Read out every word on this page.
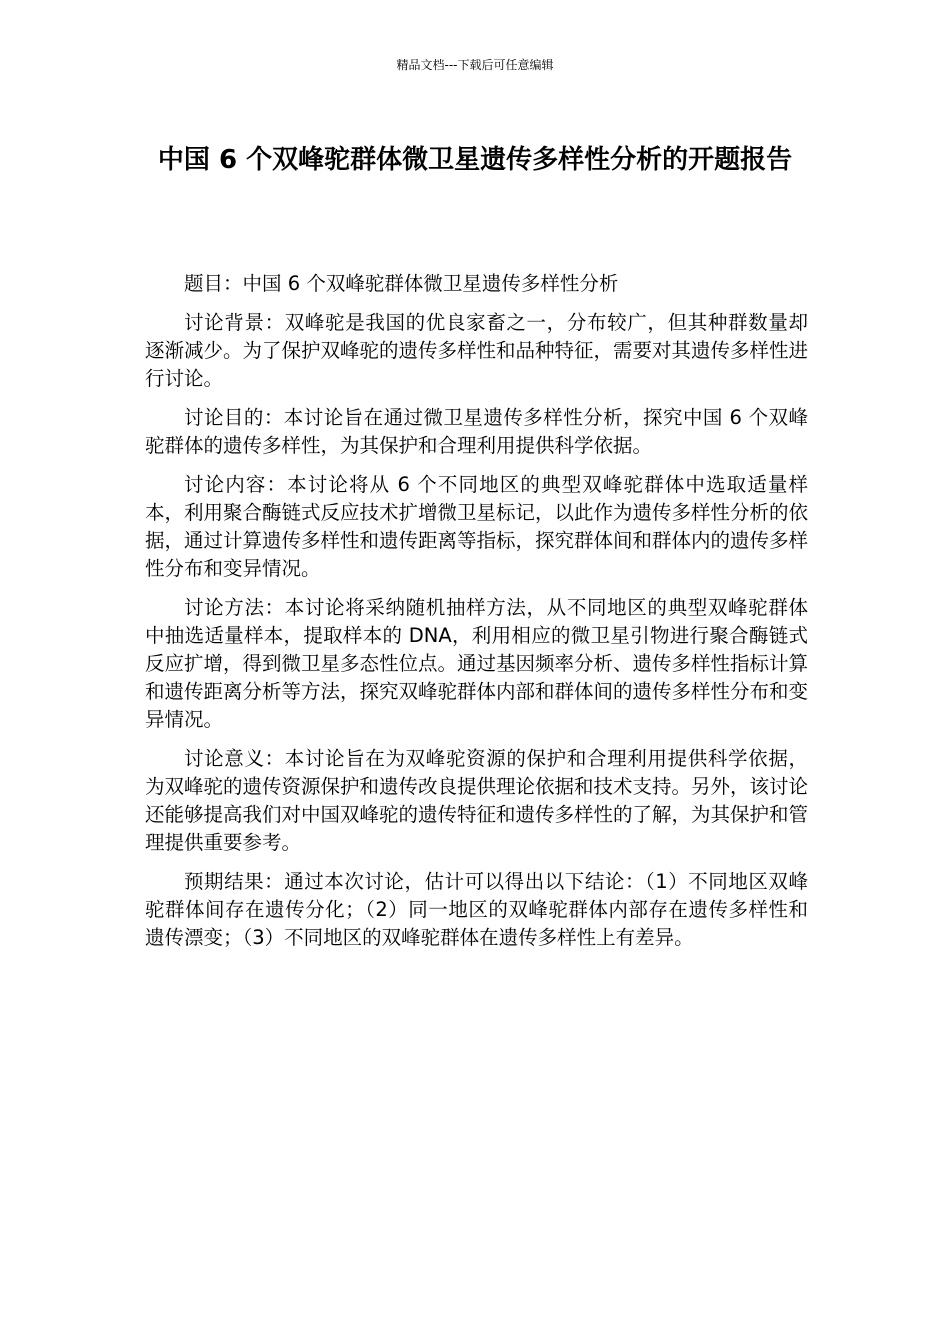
精品文档---下载后可任意编辑
中国 6 个双峰驼群体微卫星遗传多样性分析的开题报告

题目：中国 6 个双峰驼群体微卫星遗传多样性分析

讨论背景：双峰驼是我国的优良家畜之一，分布较广，但其种群数量却逐渐减少。为了保护双峰驼的遗传多样性和品种特征，需要对其遗传多样性进行讨论。

讨论目的：本讨论旨在通过微卫星遗传多样性分析，探究中国 6 个双峰驼群体的遗传多样性，为其保护和合理利用提供科学依据。

讨论内容：本讨论将从 6 个不同地区的典型双峰驼群体中选取适量样本，利用聚合酶链式反应技术扩增微卫星标记，以此作为遗传多样性分析的依据，通过计算遗传多样性和遗传距离等指标，探究群体间和群体内的遗传多样性分布和变异情况。

讨论方法：本讨论将采纳随机抽样方法，从不同地区的典型双峰驼群体中抽选适量样本，提取样本的 DNA，利用相应的微卫星引物进行聚合酶链式反应扩增，得到微卫星多态性位点。通过基因频率分析、遗传多样性指标计算和遗传距离分析等方法，探究双峰驼群体内部和群体间的遗传多样性分布和变异情况。

讨论意义：本讨论旨在为双峰驼资源的保护和合理利用提供科学依据，为双峰驼的遗传资源保护和遗传改良提供理论依据和技术支持。另外，该讨论还能够提高我们对中国双峰驼的遗传特征和遗传多样性的了解，为其保护和管理提供重要参考。

预期结果：通过本次讨论，估计可以得出以下结论：（1）不同地区双峰驼群体间存在遗传分化；（2）同一地区的双峰驼群体内部存在遗传多样性和遗传漂变；（3）不同地区的双峰驼群体在遗传多样性上有差异。
